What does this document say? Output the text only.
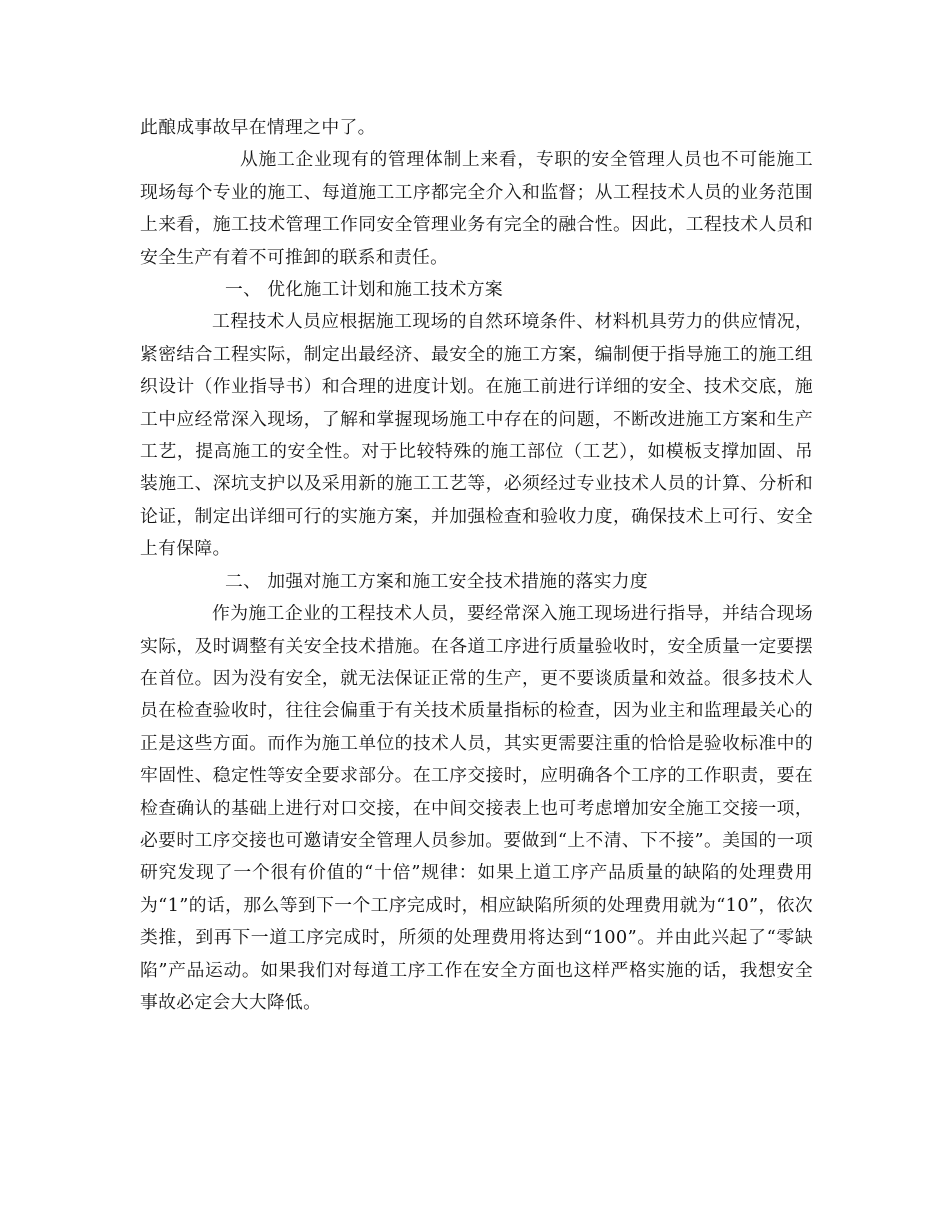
此酿成事故早在情理之中了。

从施工企业现有的管理体制上来看，专职的安全管理人员也不可能施工现场每个专业的施工、每道施工工序都完全介入和监督；从工程技术人员的业务范围上来看，施工技术管理工作同安全管理业务有完全的融合性。因此，工程技术人员和安全生产有着不可推卸的联系和责任。

一、 优化施工计划和施工技术方案

工程技术人员应根据施工现场的自然环境条件、材料机具劳力的供应情况，紧密结合工程实际，制定出最经济、最安全的施工方案，编制便于指导施工的施工组织设计（作业指导书）和合理的进度计划。在施工前进行详细的安全、技术交底，施工中应经常深入现场，了解和掌握现场施工中存在的问题，不断改进施工方案和生产工艺，提高施工的安全性。对于比较特殊的施工部位（工艺），如模板支撑加固、吊装施工、深坑支护以及采用新的施工工艺等，必须经过专业技术人员的计算、分析和论证，制定出详细可行的实施方案，并加强检查和验收力度，确保技术上可行、安全上有保障。

二、 加强对施工方案和施工安全技术措施的落实力度

作为施工企业的工程技术人员，要经常深入施工现场进行指导，并结合现场实际，及时调整有关安全技术措施。在各道工序进行质量验收时，安全质量一定要摆在首位。因为没有安全，就无法保证正常的生产，更不要谈质量和效益。很多技术人员在检查验收时，往往会偏重于有关技术质量指标的检查，因为业主和监理最关心的正是这些方面。而作为施工单位的技术人员，其实更需要注重的恰恰是验收标准中的牢固性、稳定性等安全要求部分。在工序交接时，应明确各个工序的工作职责，要在检查确认的基础上进行对口交接，在中间交接表上也可考虑增加安全施工交接一项，必要时工序交接也可邀请安全管理人员参加。要做到“上不清、下不接”。美国的一项研究发现了一个很有价值的“十倍”规律：如果上道工序产品质量的缺陷的处理费用为“1”的话，那么等到下一个工序完成时，相应缺陷所须的处理费用就为“10”，依次类推，到再下一道工序完成时，所须的处理费用将达到“100”。并由此兴起了“零缺陷”产品运动。如果我们对每道工序工作在安全方面也这样严格实施的话，我想安全事故必定会大大降低。
